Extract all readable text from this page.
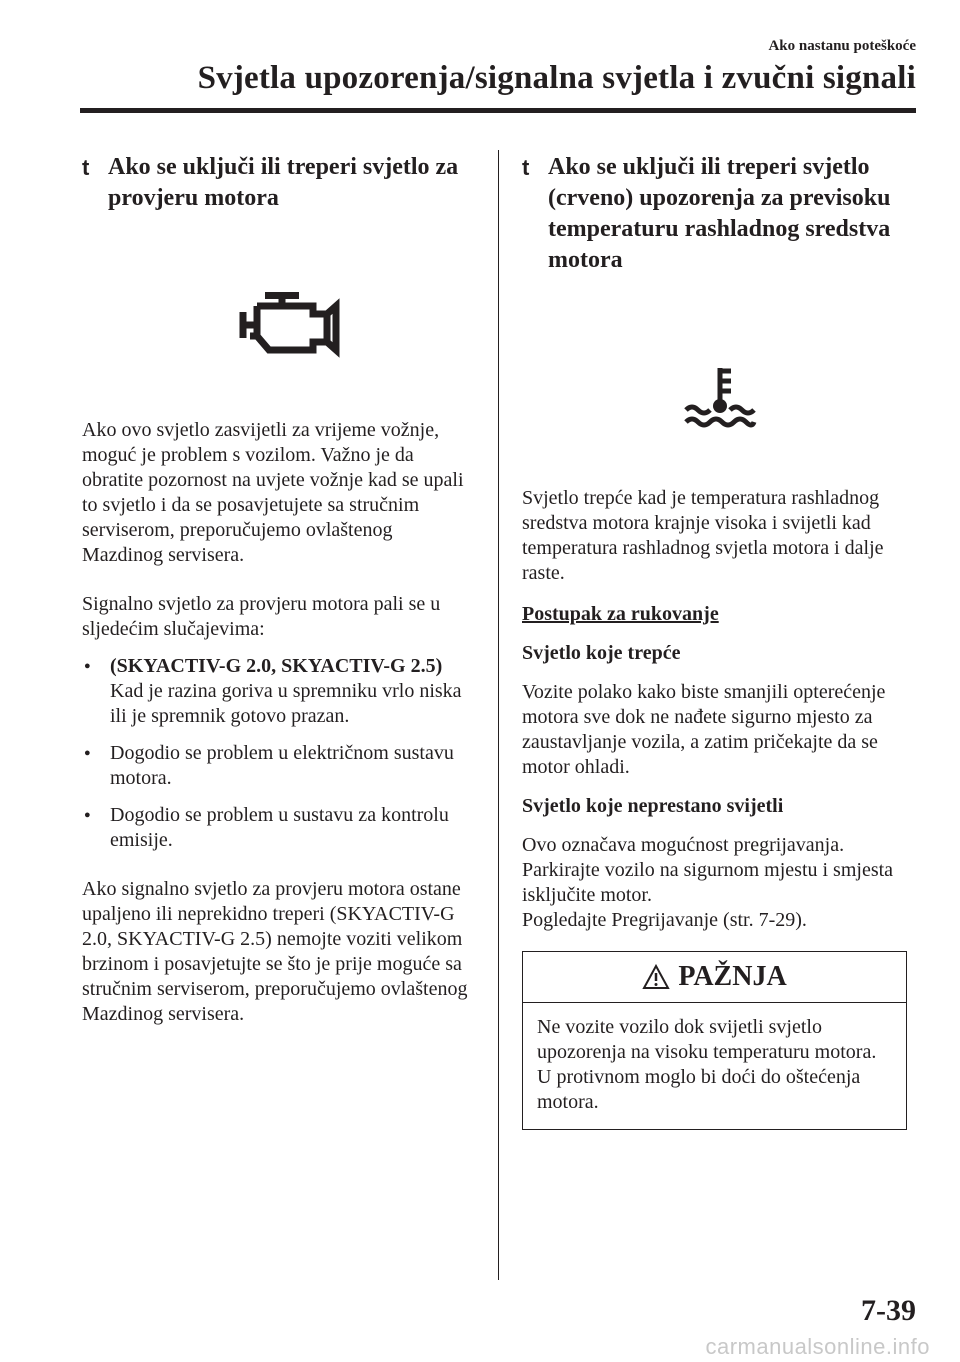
Ako nastanu poteškoće
Svjetla upozorenja/signalna svjetla i zvučni signali
t Ako se uključi ili treperi svjetlo za provjeru motora

Ako ovo svjetlo zasvijetli za vrijeme vožnje, moguć je problem s vozilom. Važno je da obratite pozornost na uvjete vožnje kad se upali to svjetlo i da se posavjetujete sa stručnim serviserom, preporučujemo ovlaštenog Mazdinog servisera.

Signalno svjetlo za provjeru motora pali se u sljedećim slučajevima:

● (SKYACTIV-G 2.0, SKYACTIV-G 2.5)
Kad je razina goriva u spremniku vrlo niska ili je spremnik gotovo prazan.
● Dogodio se problem u električnom sustavu motora.
● Dogodio se problem u sustavu za kontrolu emisije.

Ako signalno svjetlo za provjeru motora ostane upaljeno ili neprekidno treperi (SKYACTIV-G 2.0, SKYACTIV-G 2.5) nemojte voziti velikom brzinom i posavjetujte se što je prije moguće sa stručnim serviserom, preporučujemo ovlaštenog Mazdinog servisera.

t Ako se uključi ili treperi svjetlo (crveno) upozorenja za previsoku temperaturu rashladnog sredstva motora

Svjetlo trepće kad je temperatura rashladnog sredstva motora krajnje visoka i svijetli kad temperatura rashladnog svjetla motora i dalje raste.

Postupak za rukovanje
Svjetlo koje trepće

Vozite polako kako biste smanjili opterećenje motora sve dok ne nađete sigurno mjesto za zaustavljanje vozila, a zatim pričekajte da se motor ohladi.

Svjetlo koje neprestano svijetli

Ovo označava mogućnost pregrijavanja. Parkirajte vozilo na sigurnom mjestu i smjesta isključite motor.

Pogledajte Pregrijavanje (str. 7-29).

PAŽNJA

Ne vozite vozilo dok svijetli svjetlo upozorenja na visoku temperaturu motora. U protivnom moglo bi doći do oštećenja motora.

7-39
carmanualsonline.info
